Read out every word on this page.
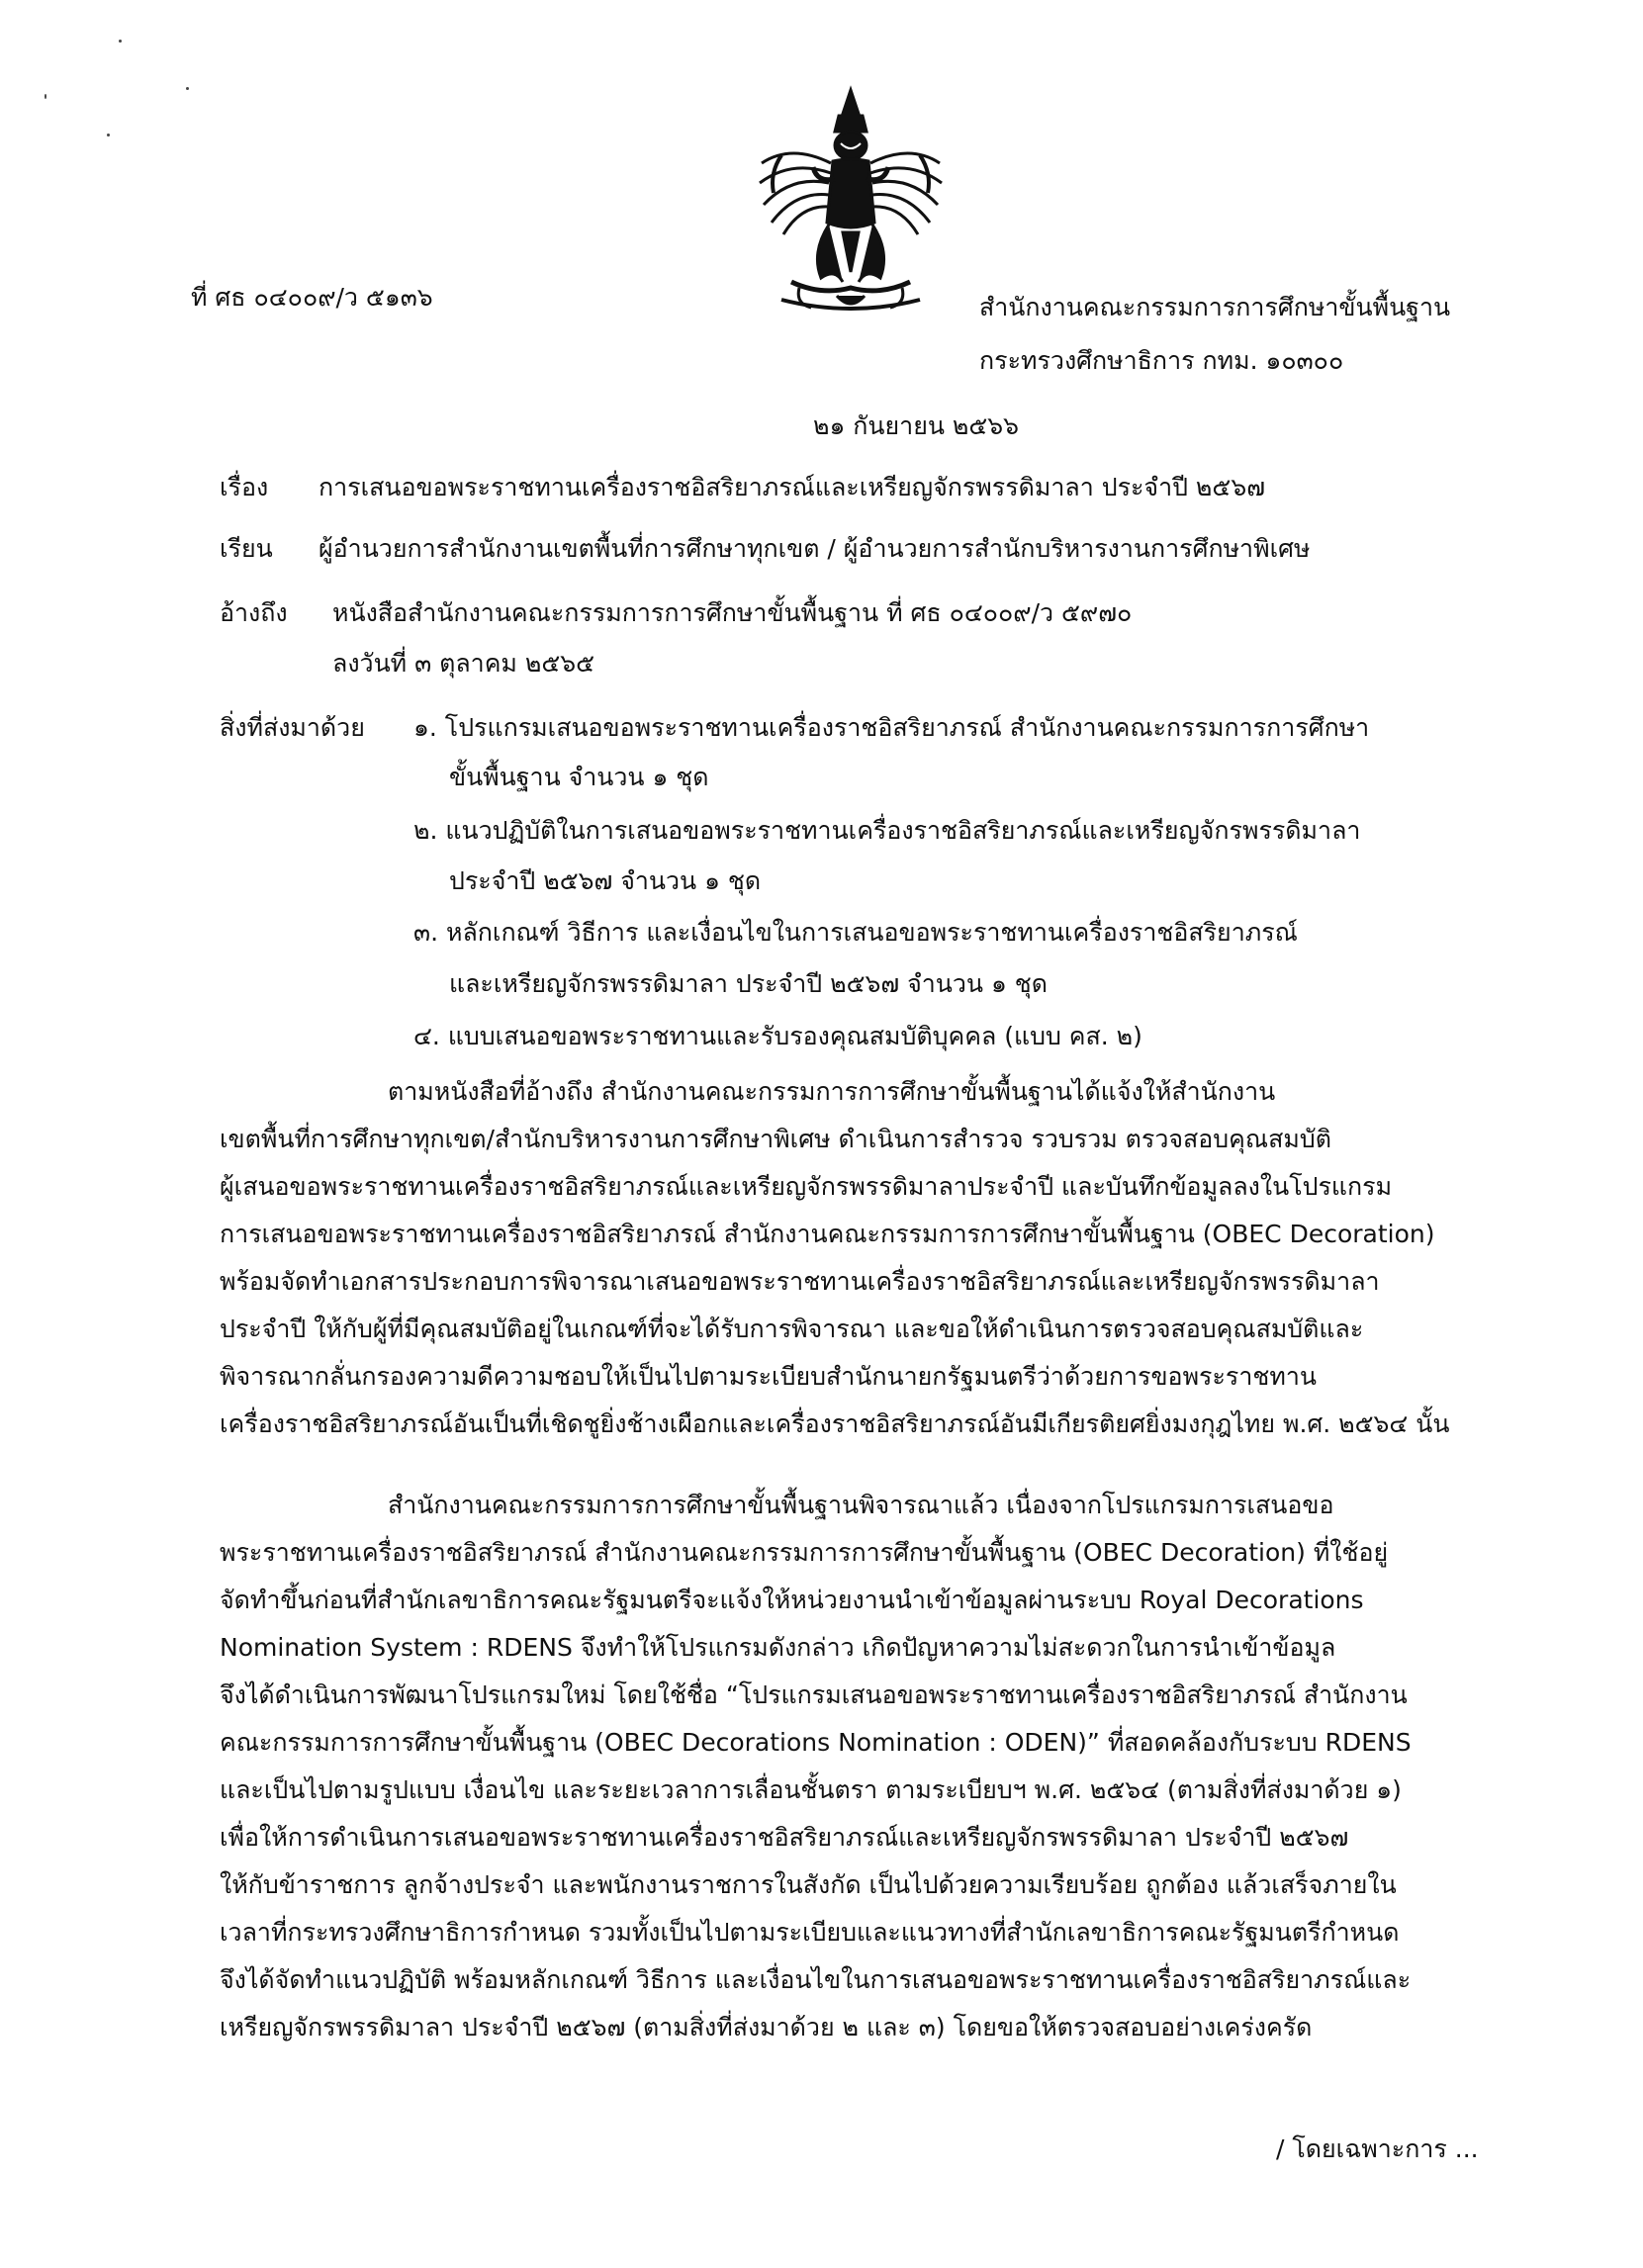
ที่ ศธ ๐๔๐๐๙/ว ๕๑๓๖	สำนักงานคณะกรรมการการศึกษาขั้นพื้นฐาน
กระทรวงศึกษาธิการ กทม. ๑๐๓๐๐
๒๑ กันยายน ๒๕๖๖
เรื่อง การเสนอขอพระราชทานเครื่องราชอิสริยาภรณ์และเหรียญจักรพรรดิมาลา ประจำปี ๒๕๖๗
เรียน ผู้อำนวยการสำนักงานเขตพื้นที่การศึกษาทุกเขต / ผู้อำนวยการสำนักบริหารงานการศึกษาพิเศษ
อ้างถึง หนังสือสำนักงานคณะกรรมการการศึกษาขั้นพื้นฐาน ที่ ศธ ๐๔๐๐๙/ว ๕๙๗๐
ลงวันที่ ๓ ตุลาคม ๒๕๖๕
สิ่งที่ส่งมาด้วย ๑. โปรแกรมเสนอขอพระราชทานเครื่องราชอิสริยาภรณ์ สำนักงานคณะกรรมการการศึกษา
ขั้นพื้นฐาน จำนวน ๑ ชุด
๒. แนวปฏิบัติในการเสนอขอพระราชทานเครื่องราชอิสริยาภรณ์และเหรียญจักรพรรดิมาลา
ประจำปี ๒๕๖๗ จำนวน ๑ ชุด
๓. หลักเกณฑ์ วิธีการ และเงื่อนไขในการเสนอขอพระราชทานเครื่องราชอิสริยาภรณ์
และเหรียญจักรพรรดิมาลา ประจำปี ๒๕๖๗ จำนวน ๑ ชุด
๔. แบบเสนอขอพระราชทานและรับรองคุณสมบัติบุคคล (แบบ คส. ๒)
ตามหนังสือที่อ้างถึง สำนักงานคณะกรรมการการศึกษาขั้นพื้นฐานได้แจ้งให้สำนักงาน
เขตพื้นที่การศึกษาทุกเขต/สำนักบริหารงานการศึกษาพิเศษ ดำเนินการสำรวจ รวบรวม ตรวจสอบคุณสมบัติ
ผู้เสนอขอพระราชทานเครื่องราชอิสริยาภรณ์และเหรียญจักรพรรดิมาลาประจำปี และบันทึกข้อมูลลงในโปรแกรม
การเสนอขอพระราชทานเครื่องราชอิสริยาภรณ์ สำนักงานคณะกรรมการการศึกษาขั้นพื้นฐาน (OBEC Decoration)
พร้อมจัดทำเอกสารประกอบการพิจารณาเสนอขอพระราชทานเครื่องราชอิสริยาภรณ์และเหรียญจักรพรรดิมาลา
ประจำปี ให้กับผู้ที่มีคุณสมบัติอยู่ในเกณฑ์ที่จะได้รับการพิจารณา และขอให้ดำเนินการตรวจสอบคุณสมบัติและ
พิจารณากลั่นกรองความดีความชอบให้เป็นไปตามระเบียบสำนักนายกรัฐมนตรีว่าด้วยการขอพระราชทาน
เครื่องราชอิสริยาภรณ์อันเป็นที่เชิดชูยิ่งช้างเผือกและเครื่องราชอิสริยาภรณ์อันมีเกียรติยศยิ่งมงกุฎไทย พ.ศ. ๒๕๖๔ นั้น
สำนักงานคณะกรรมการการศึกษาขั้นพื้นฐานพิจารณาแล้ว เนื่องจากโปรแกรมการเสนอขอ
พระราชทานเครื่องราชอิสริยาภรณ์ สำนักงานคณะกรรมการการศึกษาขั้นพื้นฐาน (OBEC Decoration) ที่ใช้อยู่
จัดทำขึ้นก่อนที่สำนักเลขาธิการคณะรัฐมนตรีจะแจ้งให้หน่วยงานนำเข้าข้อมูลผ่านระบบ Royal Decorations
Nomination System : RDENS จึงทำให้โปรแกรมดังกล่าว เกิดปัญหาความไม่สะดวกในการนำเข้าข้อมูล
จึงได้ดำเนินการพัฒนาโปรแกรมใหม่ โดยใช้ชื่อ “โปรแกรมเสนอขอพระราชทานเครื่องราชอิสริยาภรณ์ สำนักงาน
คณะกรรมการการศึกษาขั้นพื้นฐาน (OBEC Decorations Nomination : ODEN)” ที่สอดคล้องกับระบบ RDENS
และเป็นไปตามรูปแบบ เงื่อนไข และระยะเวลาการเลื่อนชั้นตรา ตามระเบียบฯ พ.ศ. ๒๕๖๔ (ตามสิ่งที่ส่งมาด้วย ๑)
เพื่อให้การดำเนินการเสนอขอพระราชทานเครื่องราชอิสริยาภรณ์และเหรียญจักรพรรดิมาลา ประจำปี ๒๕๖๗
ให้กับข้าราชการ ลูกจ้างประจำ และพนักงานราชการในสังกัด เป็นไปด้วยความเรียบร้อย ถูกต้อง แล้วเสร็จภายใน
เวลาที่กระทรวงศึกษาธิการกำหนด รวมทั้งเป็นไปตามระเบียบและแนวทางที่สำนักเลขาธิการคณะรัฐมนตรีกำหนด
จึงได้จัดทำแนวปฏิบัติ พร้อมหลักเกณฑ์ วิธีการ และเงื่อนไขในการเสนอขอพระราชทานเครื่องราชอิสริยาภรณ์และ
เหรียญจักรพรรดิมาลา ประจำปี ๒๕๖๗ (ตามสิ่งที่ส่งมาด้วย ๒ และ ๓) โดยขอให้ตรวจสอบอย่างเคร่งครัด
/ โดยเฉพาะการ ...
